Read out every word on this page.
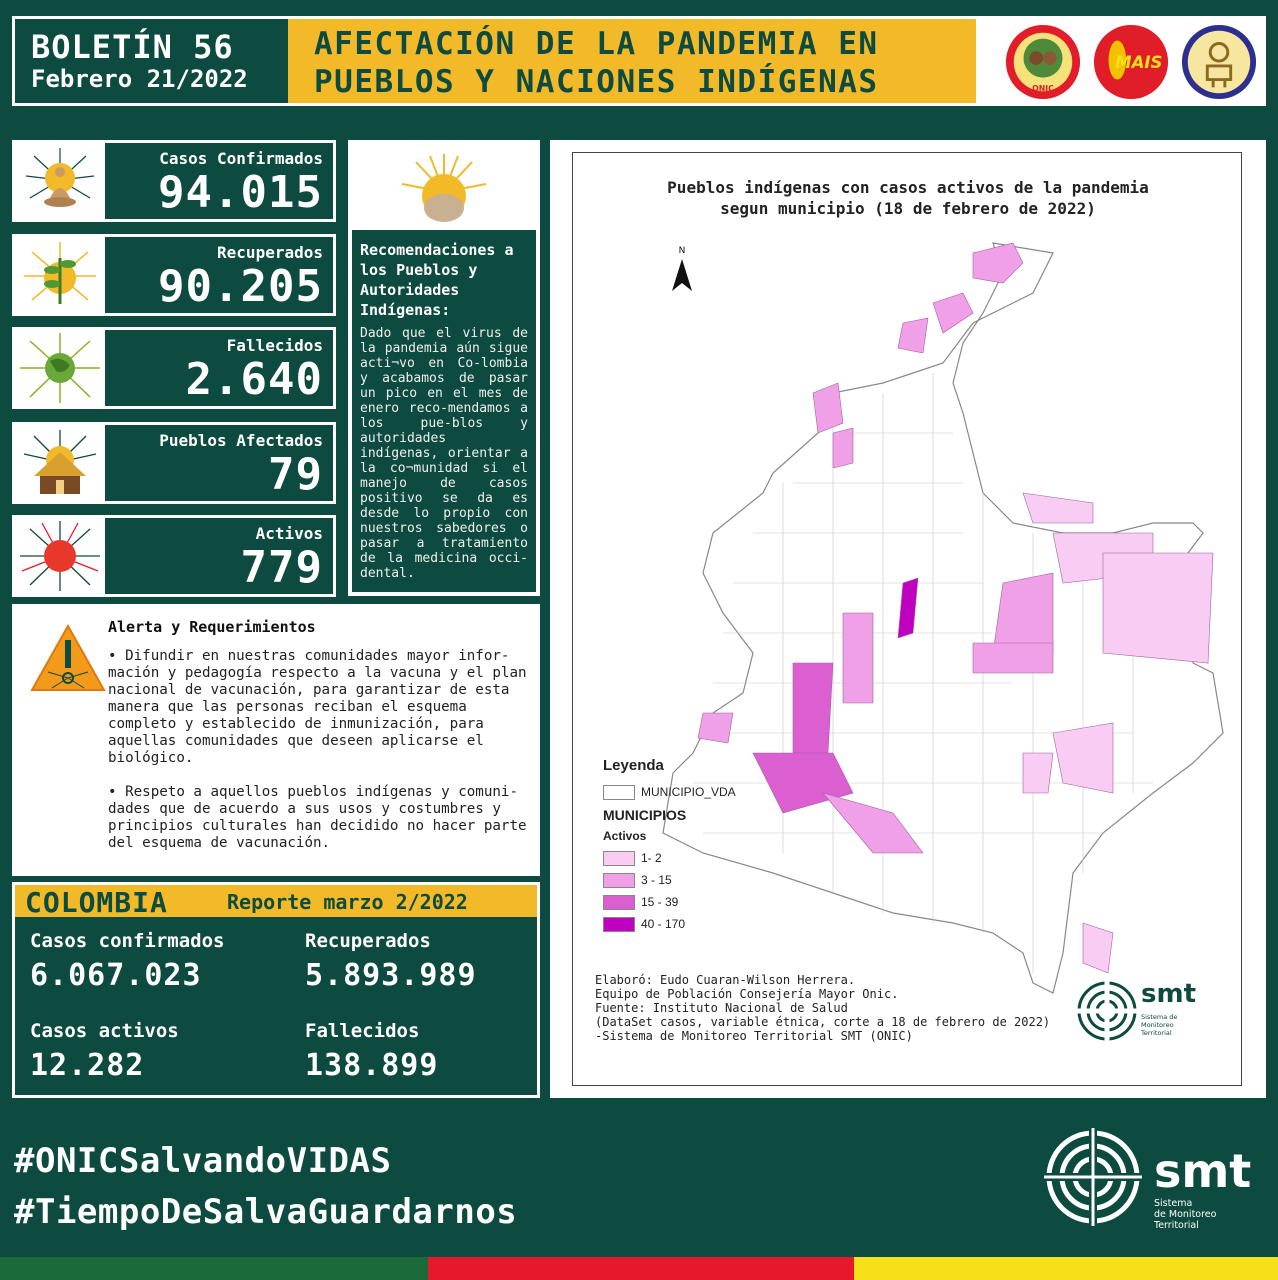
BOLETÍN 56
Febrero 21/2022
AFECTACIÓN DE LA PANDEMIA EN
PUEBLOS Y NACIONES INDÍGENAS	ONIC
MAIS
Casos Confirmados
94.015
Recuperados
90.205
Fallecidos
2.640
Pueblos Afectados
79
Activos
779
Recomendaciones a los Pueblos y Autoridades Indígenas:
Dado que el virus de la pandemia aún sigue acti¬vo en Co-lombia y acabamos de pasar un pico en el mes de enero reco-mendamos a los pue-blos y autoridades indígenas, orientar a la co¬munidad si el manejo de casos positivo se da es desde lo propio con nuestros sabedores o pasar a tratamiento de la medicina occi-dental.
Alerta y Requerimientos
• Difundir en nuestras comunidades mayor infor-mación y pedagogía respecto a la vacuna y el plan nacional de vacunación, para garantizar de esta manera que las personas reciban el esquema completo y establecido de inmunización, para aquellas comunidades que deseen aplicarse el biológico.
• Respeto a aquellos pueblos indígenas y comuni-dades que de acuerdo a sus usos y costumbres y principios culturales han decidido no hacer parte del esquema de vacunación.
COLOMBIA	Reporte marzo 2/2022
Casos confirmados
6.067.023
Recuperados
5.893.989
Casos activos
12.282
Fallecidos
138.899
Pueblos indígenas con casos activos de la pandemia
segun municipio (18 de febrero de 2022)
N
Leyenda
MUNICIPIO_VDA
MUNICIPIOS
Activos
1- 2
3 - 15
15 - 39
40 - 170
Elaboró: Eudo Cuaran-Wilson Herrera.
Equipo de Población Consejería Mayor Onic.
Fuente: Instituto Nacional de Salud
(DataSet casos, variable étnica, corte a 18 de febrero de 2022)
-Sistema de Monitoreo Territorial SMT (ONIC)
smt
Sistema de Monitoreo Territorial
#ONICSalvandoVIDAS
#TiempoDeSalvaGuardarnos
smt
Sistema
de Monitoreo
Territorial
